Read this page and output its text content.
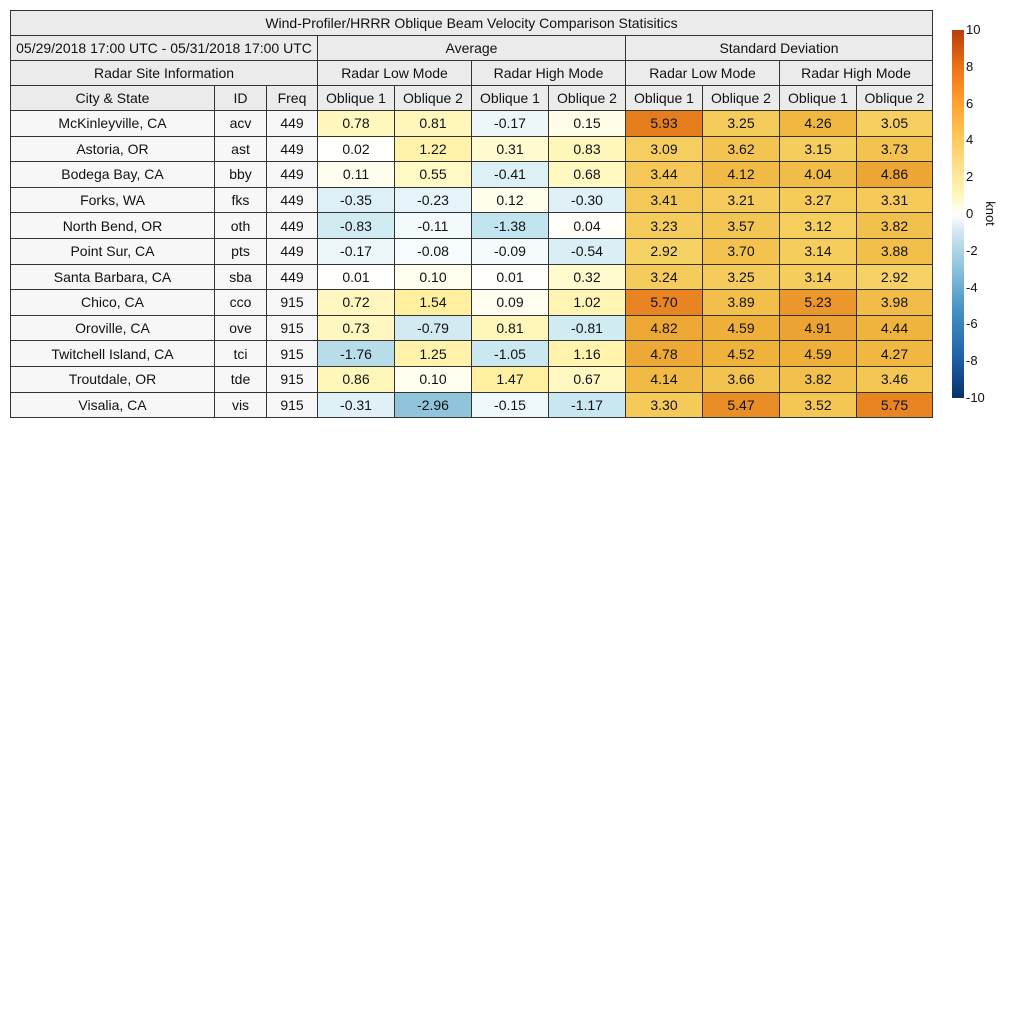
Wind-Profiler/HRRR Oblique Beam Velocity Comparison Statisitics										
05/29/2018 17:00 UTC - 05/31/2018 17:00 UTC			Average				Standard Deviation			
Radar Site Information			Radar Low Mode		Radar High Mode		Radar Low Mode		Radar High Mode	
City & State	ID	Freq	Oblique 1	Oblique 2	Oblique 1	Oblique 2	Oblique 1	Oblique 2	Oblique 1	Oblique 2
McKinleyville, CA	acv	449	0.78	0.81	-0.17	0.15	5.93	3.25	4.26	3.05
Astoria, OR	ast	449	0.02	1.22	0.31	0.83	3.09	3.62	3.15	3.73
Bodega Bay, CA	bby	449	0.11	0.55	-0.41	0.68	3.44	4.12	4.04	4.86
Forks, WA	fks	449	-0.35	-0.23	0.12	-0.30	3.41	3.21	3.27	3.31
North Bend, OR	oth	449	-0.83	-0.11	-1.38	0.04	3.23	3.57	3.12	3.82
Point Sur, CA	pts	449	-0.17	-0.08	-0.09	-0.54	2.92	3.70	3.14	3.88
Santa Barbara, CA	sba	449	0.01	0.10	0.01	0.32	3.24	3.25	3.14	2.92
Chico, CA	cco	915	0.72	1.54	0.09	1.02	5.70	3.89	5.23	3.98
Oroville, CA	ove	915	0.73	-0.79	0.81	-0.81	4.82	4.59	4.91	4.44
Twitchell Island, CA	tci	915	-1.76	1.25	-1.05	1.16	4.78	4.52	4.59	4.27
Troutdale, OR	tde	915	0.86	0.10	1.47	0.67	4.14	3.66	3.82	3.46
Visalia, CA	vis	915	-0.31	-2.96	-0.15	-1.17	3.30	5.47	3.52	5.75
10
8
6
4
2
0
-2
-4
-6
-8
-10
knot
